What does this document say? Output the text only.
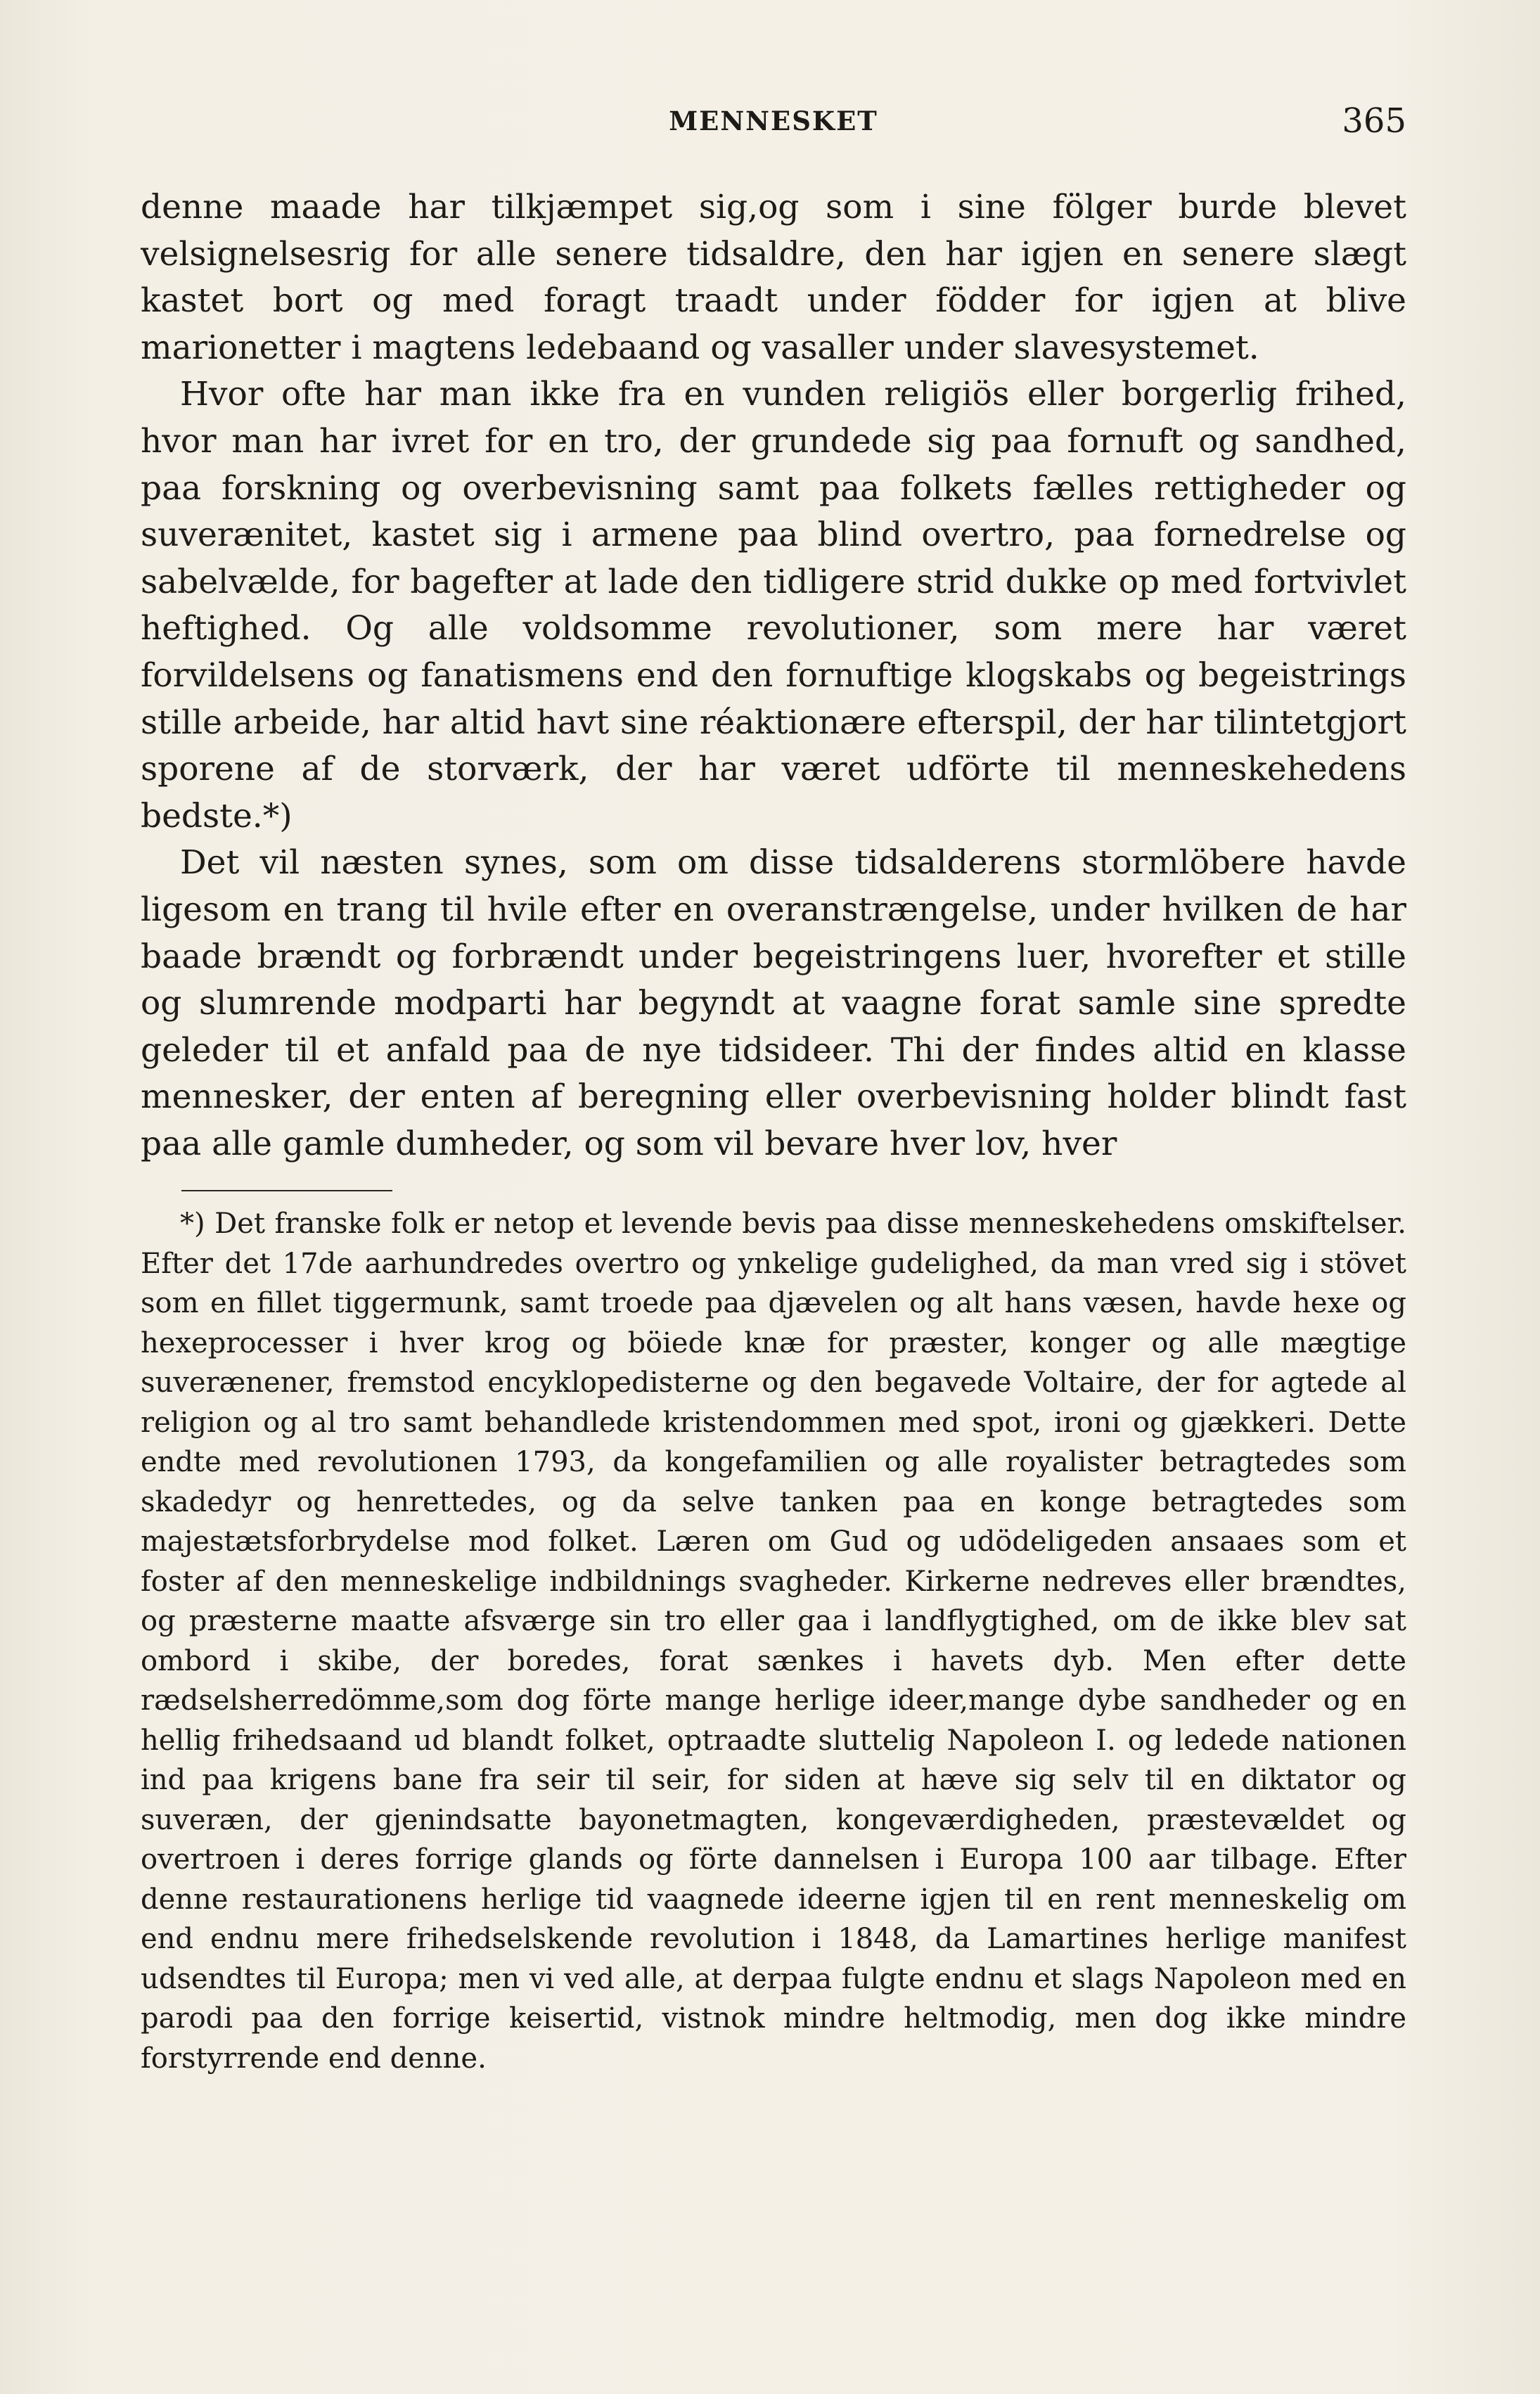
MENNESKET	365

denne maade har tilkjæmpet sig,og som i sine fölger burde blevet velsignelsesrig for alle senere tidsaldre, den har igjen en senere slægt kastet bort og med foragt traadt under födder for igjen at blive marionetter i magtens ledebaand og vasaller under slavesystemet.

Hvor ofte har man ikke fra en vunden religiös eller borgerlig frihed, hvor man har ivret for en tro, der grundede sig paa fornuft og sandhed, paa forskning og overbevisning samt paa folkets fælles rettigheder og suverænitet, kastet sig i armene paa blind overtro, paa fornedrelse og sabelvælde, for bagefter at lade den tidligere strid dukke op med fortvivlet heftighed. Og alle voldsomme revolutioner, som mere har været forvildelsens og fanatismens end den fornuftige klogskabs og begeistrings stille arbeide, har altid havt sine réaktionære efterspil, der har tilintetgjort sporene af de storværk, der har været udförte til menneskehedens bedste.*)

Det vil næsten synes, som om disse tidsalderens stormlöbere havde ligesom en trang til hvile efter en overanstrængelse, under hvilken de har baade brændt og forbrændt under begeistringens luer, hvorefter et stille og slumrende modparti har begyndt at vaagne forat samle sine spredte geleder til et anfald paa de nye tidsideer. Thi der findes altid en klasse mennesker, der enten af beregning eller overbevisning holder blindt fast paa alle gamle dumheder, og som vil bevare hver lov, hver

*) Det franske folk er netop et levende bevis paa disse menneskehedens omskiftelser. Efter det 17de aarhundredes overtro og ynkelige gudelighed, da man vred sig i stövet som en fillet tiggermunk, samt troede paa djævelen og alt hans væsen, havde hexe og hexeprocesser i hver krog og böiede knæ for præster, konger og alle mægtige suverænener, fremstod encyklopedisterne og den begavede Voltaire, der for agtede al religion og al tro samt behandlede kristendommen med spot, ironi og gjækkeri. Dette endte med revolutionen 1793, da kongefamilien og alle royalister betragtedes som skadedyr og henrettedes, og da selve tanken paa en konge betragtedes som majestætsforbrydelse mod folket. Læren om Gud og udödeligeden ansaaes som et foster af den menneskelige indbildnings svagheder. Kirkerne nedreves eller brændtes, og præsterne maatte afsværge sin tro eller gaa i landflygtighed, om de ikke blev sat ombord i skibe, der boredes, forat sænkes i havets dyb. Men efter dette rædselsherredömme,som dog förte mange herlige ideer,mange dybe sandheder og en hellig frihedsaand ud blandt folket, optraadte sluttelig Napoleon I. og ledede nationen ind paa krigens bane fra seir til seir, for siden at hæve sig selv til en diktator og suveræn, der gjenindsatte bayonetmagten, kongeværdigheden, præstevældet og overtroen i deres forrige glands og förte dannelsen i Europa 100 aar tilbage. Efter denne restaurationens herlige tid vaagnede ideerne igjen til en rent menneskelig om end endnu mere frihedselskende revolution i 1848, da Lamartines herlige manifest udsendtes til Europa; men vi ved alle, at derpaa fulgte endnu et slags Napoleon med en parodi paa den forrige keisertid, vistnok mindre heltmodig, men dog ikke mindre forstyrrende end denne.
